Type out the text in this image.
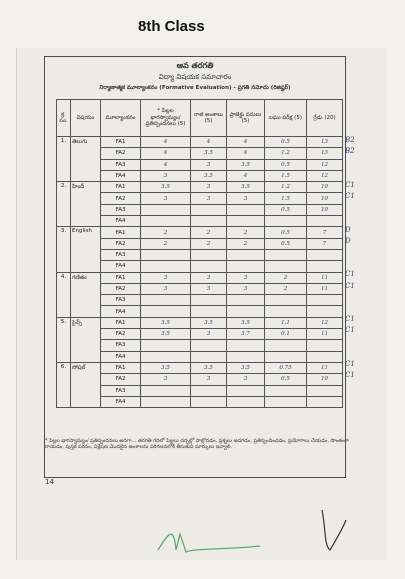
8th Class
ఆవ తరగతి
విద్యా విషయక సమాచారం
నిర్మాణాత్మక మూల్యాంకనం (Formative Evaluation) - ప్రగతి నమోదు (రిజిష్టర్)
క్ర. సం.	విషయం	మూల్యాంకనం	* పిల్లల భాగస్వామ్యం/ ప్రతిస్పందనలు (5)	రాత అంశాలు (5)	ప్రాజెక్టు పనులు (5)	లఘు పరీక్ష (5)	గ్రేడు (20)
1.	తెలుగు	FA1	4	4	4	0.5	13
		FA2	4	3.5	4	1.2	13
		FA3	4	3	3.5	0.5	12
		FA4	3	3.5	4	1.5	12
2.	హిందీ	FA1	3.5	3	3.5	1.2	10
		FA2	3	3	3	1.5	10
		FA3				0.5	10
		FA4					
3.	English	FA1	2	2	2	0.5	7
		FA2	2	2	2	0.5	7
		FA3					
		FA4					
4.	గణితం	FA1	3	3	3	2	11
		FA2	3	3	3	2	11
		FA3					
		FA4					
5.	సైన్స్	FA1	3.5	3.5	3.5	1.1	12
		FA2	3.5	3	3.7	0.1	11
		FA3					
		FA4					
6.	సోషల్	FA1	3.5	3.5	3.5	0.75	11
		FA2	3	3	3	0.5	10
		FA3					
		FA4					
B2
B2
C1
C1
D
D
C1
C1
C1
C1
C1
C1
* పిల్లల భాగస్వామ్యం/ ప్రతిస్పందనలు అనగా... తరగతి గదిలో పిల్లలు చర్చల్లో పాల్గొనడం, ప్రశ్నలు అడగడం, ప్రతిస్పందించడం, ప్రయోగాలు చేయడం, సొంతంగా రాయడం, పుస్తక పఠనం, విశ్లేషణ మొదలైన అంశాలను పరిగణనలోకి తీసుకుని మార్కులు ఇవ్వాలి.
14
